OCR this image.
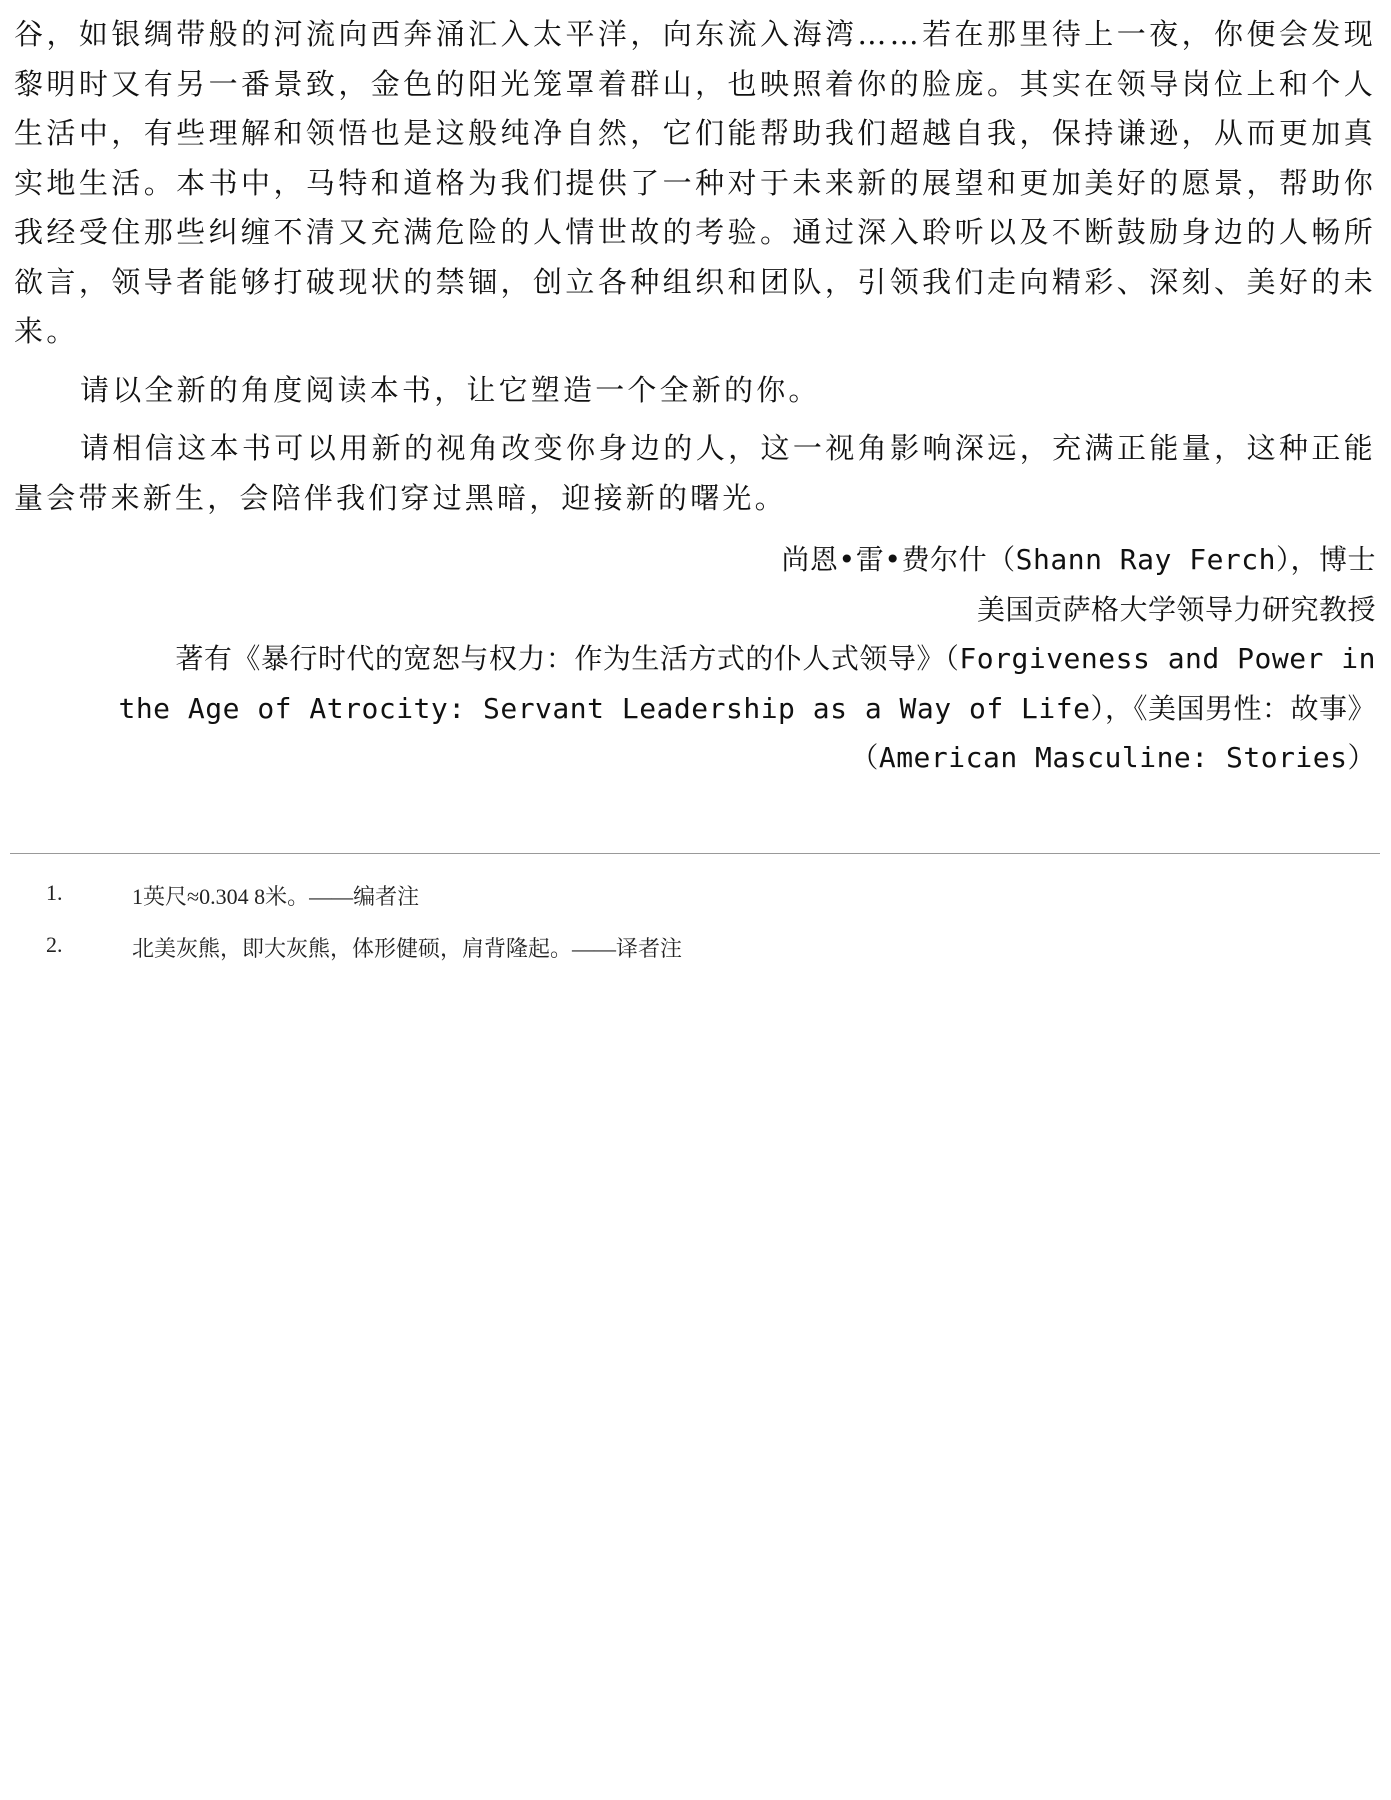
谷，如银绸带般的河流向西奔涌汇入太平洋，向东流入海湾……若在那里待上一夜，你便会发现黎明时又有另一番景致，金色的阳光笼罩着群山，也映照着你的脸庞。其实在领导岗位上和个人生活中，有些理解和领悟也是这般纯净自然，它们能帮助我们超越自我，保持谦逊，从而更加真实地生活。本书中，马特和道格为我们提供了一种对于未来新的展望和更加美好的愿景，帮助你我经受住那些纠缠不清又充满危险的人情世故的考验。通过深入聆听以及不断鼓励身边的人畅所欲言，领导者能够打破现状的禁锢，创立各种组织和团队，引领我们走向精彩、深刻、美好的未来。

请以全新的角度阅读本书，让它塑造一个全新的你。

请相信这本书可以用新的视角改变你身边的人，这一视角影响深远，充满正能量，这种正能量会带来新生，会陪伴我们穿过黑暗，迎接新的曙光。

尚恩•雷•费尔什（Shann Ray Ferch），博士
美国贡萨格大学领导力研究教授
著有《暴行时代的宽恕与权力：作为生活方式的仆人式领导》（Forgiveness and Power in
the Age of Atrocity: Servant Leadership as a Way of Life），《美国男性：故事》
（American Masculine: Stories）
1.	1英尺≈0.304 8米。——编者注
2.	北美灰熊，即大灰熊，体形健硕，肩背隆起。——译者注
